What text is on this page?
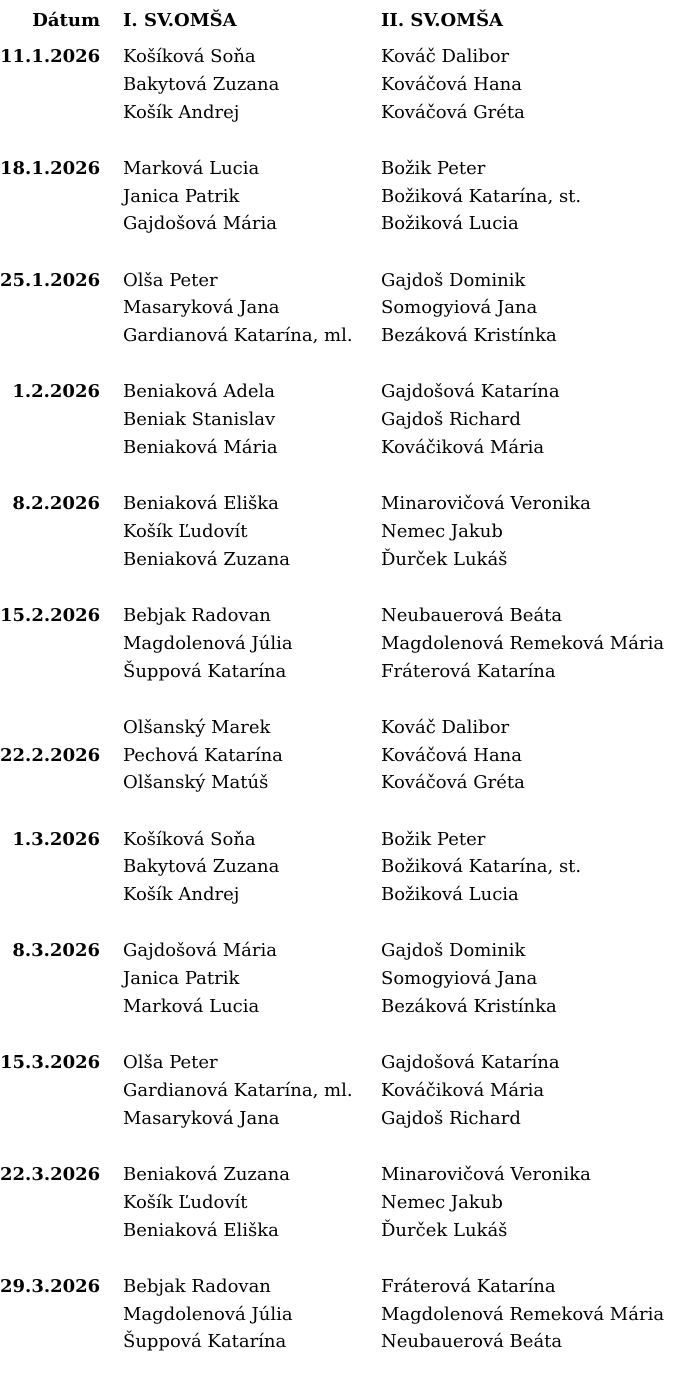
Dátum I. SV.OMŠA	II. SV.OMŠA
11.1.2026 Košíková Soňa
Bakytová Zuzana
Košík Andrej
Kováč Dalibor
Kováčová Hana
Kováčová Gréta
18.1.2026 Marková Lucia
Janica Patrik
Gajdošová Mária
Božik Peter
Božiková Katarína, st.
Božiková Lucia
25.1.2026 Olša Peter
Masaryková Jana
Gardianová Katarína, ml.
Gajdoš Dominik
Somogyiová Jana
Bezáková Kristínka
1.2.2026 Beniaková Adela
Beniak Stanislav
Beniaková Mária
Gajdošová Katarína
Gajdoš Richard
Kováčiková Mária
8.2.2026 Beniaková Eliška
Košík Ľudovít
Beniaková Zuzana
Minarovičová Veronika
Nemec Jakub
Ďurček Lukáš
15.2.2026 Bebjak Radovan
Magdolenová Júlia
Šuppová Katarína
Neubauerová Beáta
Magdolenová Remeková Mária
Fráterová Katarína
22.2.2026
Olšanský Marek
Pechová Katarína
Olšanský Matúš
Kováč Dalibor
Kováčová Hana
Kováčová Gréta
1.3.2026 Košíková Soňa
Bakytová Zuzana
Košík Andrej
Božik Peter
Božiková Katarína, st.
Božiková Lucia
8.3.2026 Gajdošová Mária
Janica Patrik
Marková Lucia
Gajdoš Dominik
Somogyiová Jana
Bezáková Kristínka
15.3.2026 Olša Peter
Gardianová Katarína, ml.
Masaryková Jana
Gajdošová Katarína
Kováčiková Mária
Gajdoš Richard
22.3.2026 Beniaková Zuzana
Košík Ľudovít
Beniaková Eliška
Minarovičová Veronika
Nemec Jakub
Ďurček Lukáš
29.3.2026 Bebjak Radovan
Magdolenová Júlia
Šuppová Katarína
Fráterová Katarína
Magdolenová Remeková Mária
Neubauerová Beáta
